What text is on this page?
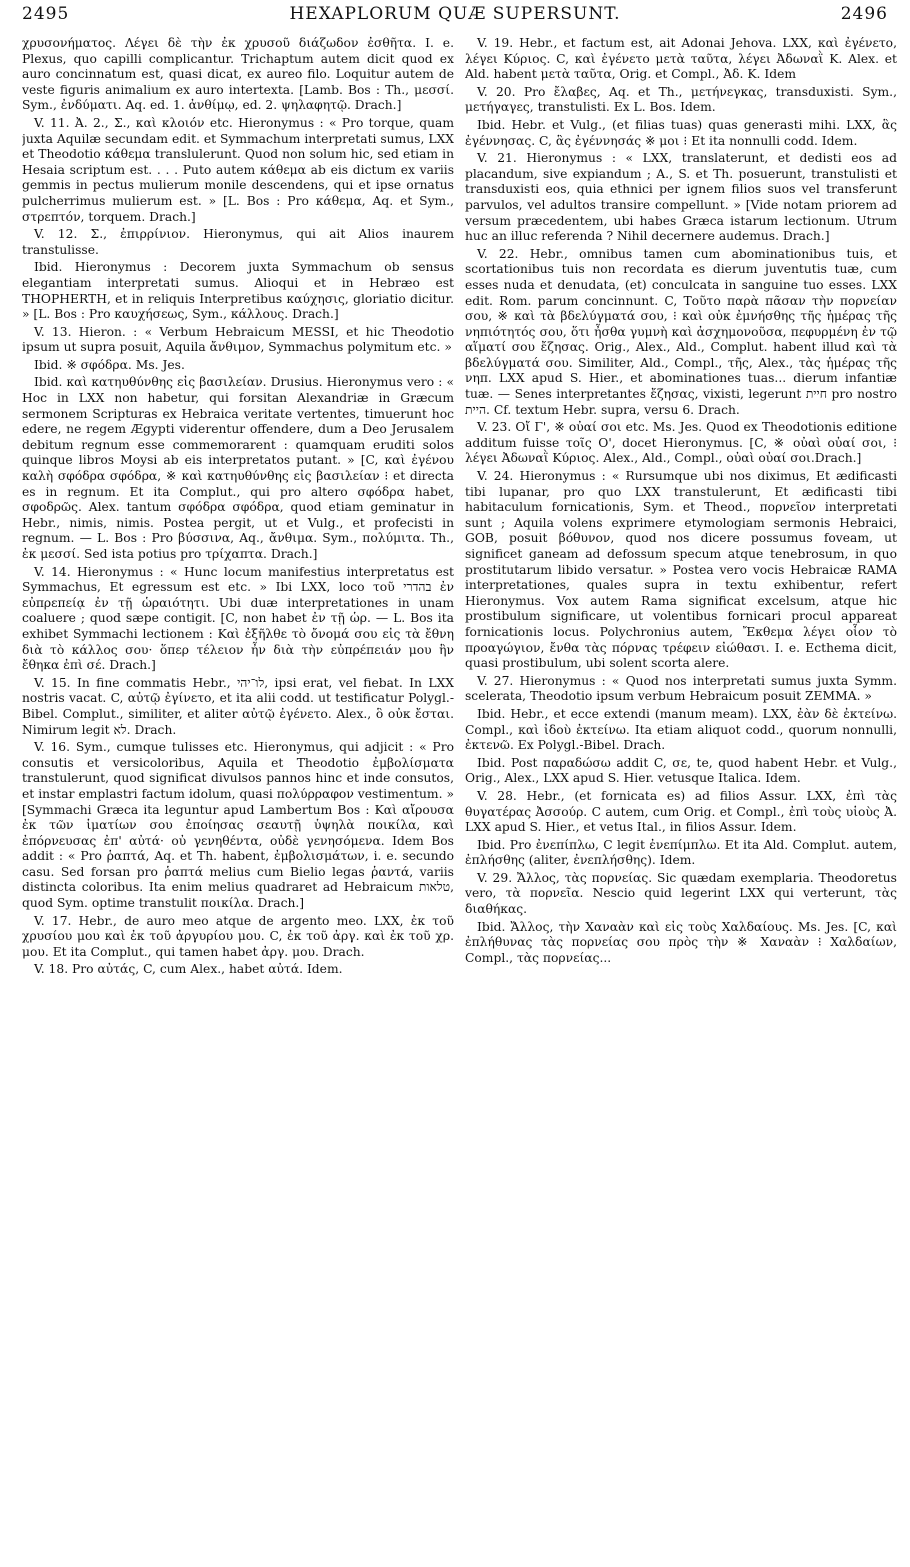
2495	HEXAPLORUM QUÆ SUPERSUNT.	2496

χρυσονήματος. Λέγει δὲ τὴν ἐκ χρυσοῦ διάζωδον ἐσθῆτα. I. e. Plexus, quo capilli complicantur. Trichaptum autem dicit quod ex auro concinnatum est, quasi dicat, ex aureo filo. Loquitur autem de veste figuris animalium ex auro intertexta. [Lamb. Bos : Th., μεσσί. Sym., ἐνδύματι. Aq. ed. 1. ἀνθίμῳ, ed. 2. ψηλαφητῷ. Drach.]

V. 11. Ἀ. 2., Σ., καὶ κλοιόν etc. Hieronymus : « Pro torque, quam juxta Aquilæ secundam edit. et Symmachum interpretati sumus, LXX et Theodotio κάθεμα translulerunt. Quod non solum hic, sed etiam in Hesaia scriptum est. . . . Puto autem κάθεμα ab eis dictum ex variis gemmis in pectus mulierum monile descendens, qui et ipse ornatus pulcherrimus mulierum est. » [L. Bos : Pro κάθεμα, Aq. et Sym., στρεπτόν, torquem. Drach.]

V. 12. Σ., ἐπιρρίνιον. Hieronymus, qui ait Alios inaurem transtulisse.

Ibid. Hieronymus : Decorem juxta Symmachum ob sensus elegantiam interpretati sumus. Alioqui et in Hebræo est THOPHERTH, et in reliquis Interpretibus καύχησις, gloriatio dicitur. » [L. Bos : Pro καυχήσεως, Sym., κάλλους. Drach.]

V. 13. Hieron. : « Verbum Hebraicum MESSI, et hic Theodotio ipsum ut supra posuit, Aquila ἄνθιμον, Symmachus polymitum etc. »

Ibid. ※ σφόδρα. Ms. Jes.

Ibid. καὶ κατηυθύνθης εἰς βασιλείαν. Drusius. Hieronymus vero : « Hoc in LXX non habetur, qui forsitan Alexandriæ in Græcum sermonem Scripturas ex Hebraica veritate vertentes, timuerunt hoc edere, ne regem Ægypti viderentur offendere, dum a Deo Jerusalem debitum regnum esse commemorarent : quamquam eruditi solos quinque libros Moysi ab eis interpretatos putant. » [C, καὶ ἐγένου καλὴ σφόδρα σφόδρα, ※ καὶ κατηυθύνθης εἰς βασιλείαν ⁝ et directa es in regnum. Et ita Complut., qui pro altero σφόδρα habet, σφοδρῶς. Alex. tantum σφόδρα σφόδρα, quod etiam geminatur in Hebr., nimis, nimis. Postea pergit, ut et Vulg., et profecisti in regnum. — L. Bos : Pro βύσσινα, Aq., ἄνθιμα. Sym., πολύμιτα. Th., ἐκ μεσσί. Sed ista potius pro τρίχαπτα. Drach.]

V. 14. Hieronymus : « Hunc locum manifestius interpretatus est Symmachus, Et egressum est etc. » Ibi LXX, loco τοῦ בהדרי ἐν εὐπρεπείᾳ ἐν τῇ ὡραιότητι. Ubi duæ interpretationes in unam coaluere ; quod sæpe contigit. [C, non habet ἐν τῇ ὡρ. — L. Bos ita exhibet Symmachi lectionem : Καὶ ἐξῆλθε τὸ ὄνομά σου εἰς τὰ ἔθνη διὰ τὸ κάλλος σου· ὅπερ τέλειον ἦν διὰ τὴν εὐπρέπειάν μου ἣν ἔθηκα ἐπὶ σέ. Drach.]

V. 15. In fine commatis Hebr., לו־יהי, ipsi erat, vel fiebat. In LXX nostris vacat. C, αὐτῷ ἐγίνετο, et ita alii codd. ut testificatur Polygl.-Bibel. Complut., similiter, et aliter αὐτῷ ἐγένετο. Alex., ὃ οὐκ ἔσται. Nimirum legit לא. Drach.

V. 16. Sym., cumque tulisses etc. Hieronymus, qui adjicit : « Pro consutis et versicoloribus, Aquila et Theodotio ἐμβολίσματα transtulerunt, quod significat divulsos pannos hinc et inde consutos, et instar emplastri factum idolum, quasi πολύρραφον vestimentum. » [Symmachi Græca ita leguntur apud Lambertum Bos : Καὶ αἴρουσα ἐκ τῶν ἱματίων σου ἐποίησας σεαυτῇ ὑψηλὰ ποικίλα, καὶ ἐπόρνευσας ἐπ' αὐτά· οὐ γενηθέντα, οὐδὲ γενησόμενα. Idem Bos addit : « Pro ῥαπτά, Aq. et Th. habent, ἐμβολισμάτων, i. e. secundo casu. Sed forsan pro ῥαπτά melius cum Bielio legas ῥαντά, variis distincta coloribus. Ita enim melius quadraret ad Hebraicum טלאות, quod Sym. optime transtulit ποικίλα. Drach.]

V. 17. Hebr., de auro meo atque de argento meo. LXX, ἐκ τοῦ χρυσίου μου καὶ ἐκ τοῦ ἀργυρίου μου. C, ἐκ τοῦ ἀργ. καὶ ἐκ τοῦ χρ. μου. Et ita Complut., qui tamen habet ἀργ. μου. Drach.

V. 18. Pro αὐτάς, C, cum Alex., habet αὐτά. Idem.

V. 19. Hebr., et factum est, ait Adonai Jehova. LXX, καὶ ἐγένετο, λέγει Κύριος. C, καὶ ἐγένετο μετὰ ταῦτα, λέγει Ἀδωναῒ Κ. Alex. et Ald. habent μετὰ ταῦτα, Orig. et Compl., Ἀδ. Κ. Idem

V. 20. Pro ἔλαβες, Aq. et Th., μετήνεγκας, transduxisti. Sym., μετήγαγες, transtulisti. Ex L. Bos. Idem.

Ibid. Hebr. et Vulg., (et filias tuas) quas generasti mihi. LXX, ἃς ἐγέννησας. C, ἃς ἐγέννησάς ※ μοι ⁝ Et ita nonnulli codd. Idem.

V. 21. Hieronymus : « LXX, translaterunt, et dedisti eos ad placandum, sive expiandum ; A., S. et Th. posuerunt, transtulisti et transduxisti eos, quia ethnici per ignem filios suos vel transferunt parvulos, vel adultos transire compellunt. » [Vide notam priorem ad versum præcedentem, ubi habes Græca istarum lectionum. Utrum huc an illuc referenda ? Nihil decernere audemus. Drach.]

V. 22. Hebr., omnibus tamen cum abominationibus tuis, et scortationibus tuis non recordata es dierum juventutis tuæ, cum esses nuda et denudata, (et) conculcata in sanguine tuo esses. LXX edit. Rom. parum concinnunt. C, Τοῦτο παρὰ πᾶσαν τὴν πορνείαν σου, ※ καὶ τὰ βδελύγματά σου, ⁝ καὶ οὐκ ἐμνήσθης τῆς ἡμέρας τῆς νηπιότητός σου, ὅτι ἦσθα γυμνὴ καὶ ἀσχημονοῦσα, πεφυρμένη ἐν τῷ αἵματί σου ἔζησας. Orig., Alex., Ald., Complut. habent illud καὶ τὰ βδελύγματά σου. Similiter, Ald., Compl., τῆς, Alex., τὰς ἡμέρας τῆς νηπ. LXX apud S. Hier., et abominationes tuas... dierum infantiæ tuæ. — Senes interpretantes ἔζησας, vixisti, legerunt חיית pro nostro היית. Cf. textum Hebr. supra, versu 6. Drach.

V. 23. Οἴ Γ', ※ οὐαί σοι etc. Ms. Jes. Quod ex Theodotionis editione additum fuisse τοῖς Ο', docet Hieronymus. [C, ※ οὐαὶ οὐαί σοι, ⁝ λέγει Ἀδωναῒ Κύριος. Alex., Ald., Compl., οὐαὶ οὐαί σοι.Drach.]

V. 24. Hieronymus : « Rursumque ubi nos diximus, Et ædificasti tibi lupanar, pro quo LXX transtulerunt, Et ædificasti tibi habitaculum fornicationis, Sym. et Theod., πορνεῖον interpretati sunt ; Aquila volens exprimere etymologiam sermonis Hebraici, GOB, posuit βόθυνον, quod nos dicere possumus foveam, ut significet ganeam ad defossum specum atque tenebrosum, in quo prostitutarum libido versatur. » Postea vero vocis Hebraicæ RAMA interpretationes, quales supra in textu exhibentur, refert Hieronymus. Vox autem Rama significat excelsum, atque hic prostibulum significare, ut volentibus fornicari procul appareat fornicationis locus. Polychronius autem, Ἔκθεμα λέγει οἷον τὸ προαγώγιον, ἔνθα τὰς πόρνας τρέφειν εἰώθασι. I. e. Ecthema dicit, quasi prostibulum, ubi solent scorta alere.

V. 27. Hieronymus : « Quod nos interpretati sumus juxta Symm. scelerata, Theodotio ipsum verbum Hebraicum posuit ZEMMA. »

Ibid. Hebr., et ecce extendi (manum meam). LXX, ἐὰν δὲ ἐκτείνω. Compl., καὶ ἰδοὺ ἐκτείνω. Ita etiam aliquot codd., quorum nonnulli, ἐκτενῶ. Ex Polygl.-Bibel. Drach.

Ibid. Post παραδώσω addit C, σε, te, quod habent Hebr. et Vulg., Orig., Alex., LXX apud S. Hier. vetusque Italica. Idem.

V. 28. Hebr., (et fornicata es) ad filios Assur. LXX, ἐπὶ τὰς θυγατέρας Ἀσσούρ. C autem, cum Orig. et Compl., ἐπὶ τοὺς υἱοὺς Ἀ. LXX apud S. Hier., et vetus Ital., in filios Assur. Idem.

Ibid. Pro ἐνεπίπλω, C legit ἐνεπίμπλω. Et ita Ald. Complut. autem, ἐπλήσθης (aliter, ἐνεπλήσθης). Idem.

V. 29. Ἄλλος, τὰς πορνείας. Sic quædam exemplaria. Theodoretus vero, τὰ πορνεῖα. Nescio quid legerint LXX qui verterunt, τὰς διαθήκας.

Ibid. Ἄλλος, τὴν Χαναὰν καὶ εἰς τοὺς Χαλδαίους. Ms. Jes. [C, καὶ ἐπλήθυνας τὰς πορνείας σου πρὸς τὴν ※ Χαναὰν ⁝ Χαλδαίων, Compl., τὰς πορνείας...
